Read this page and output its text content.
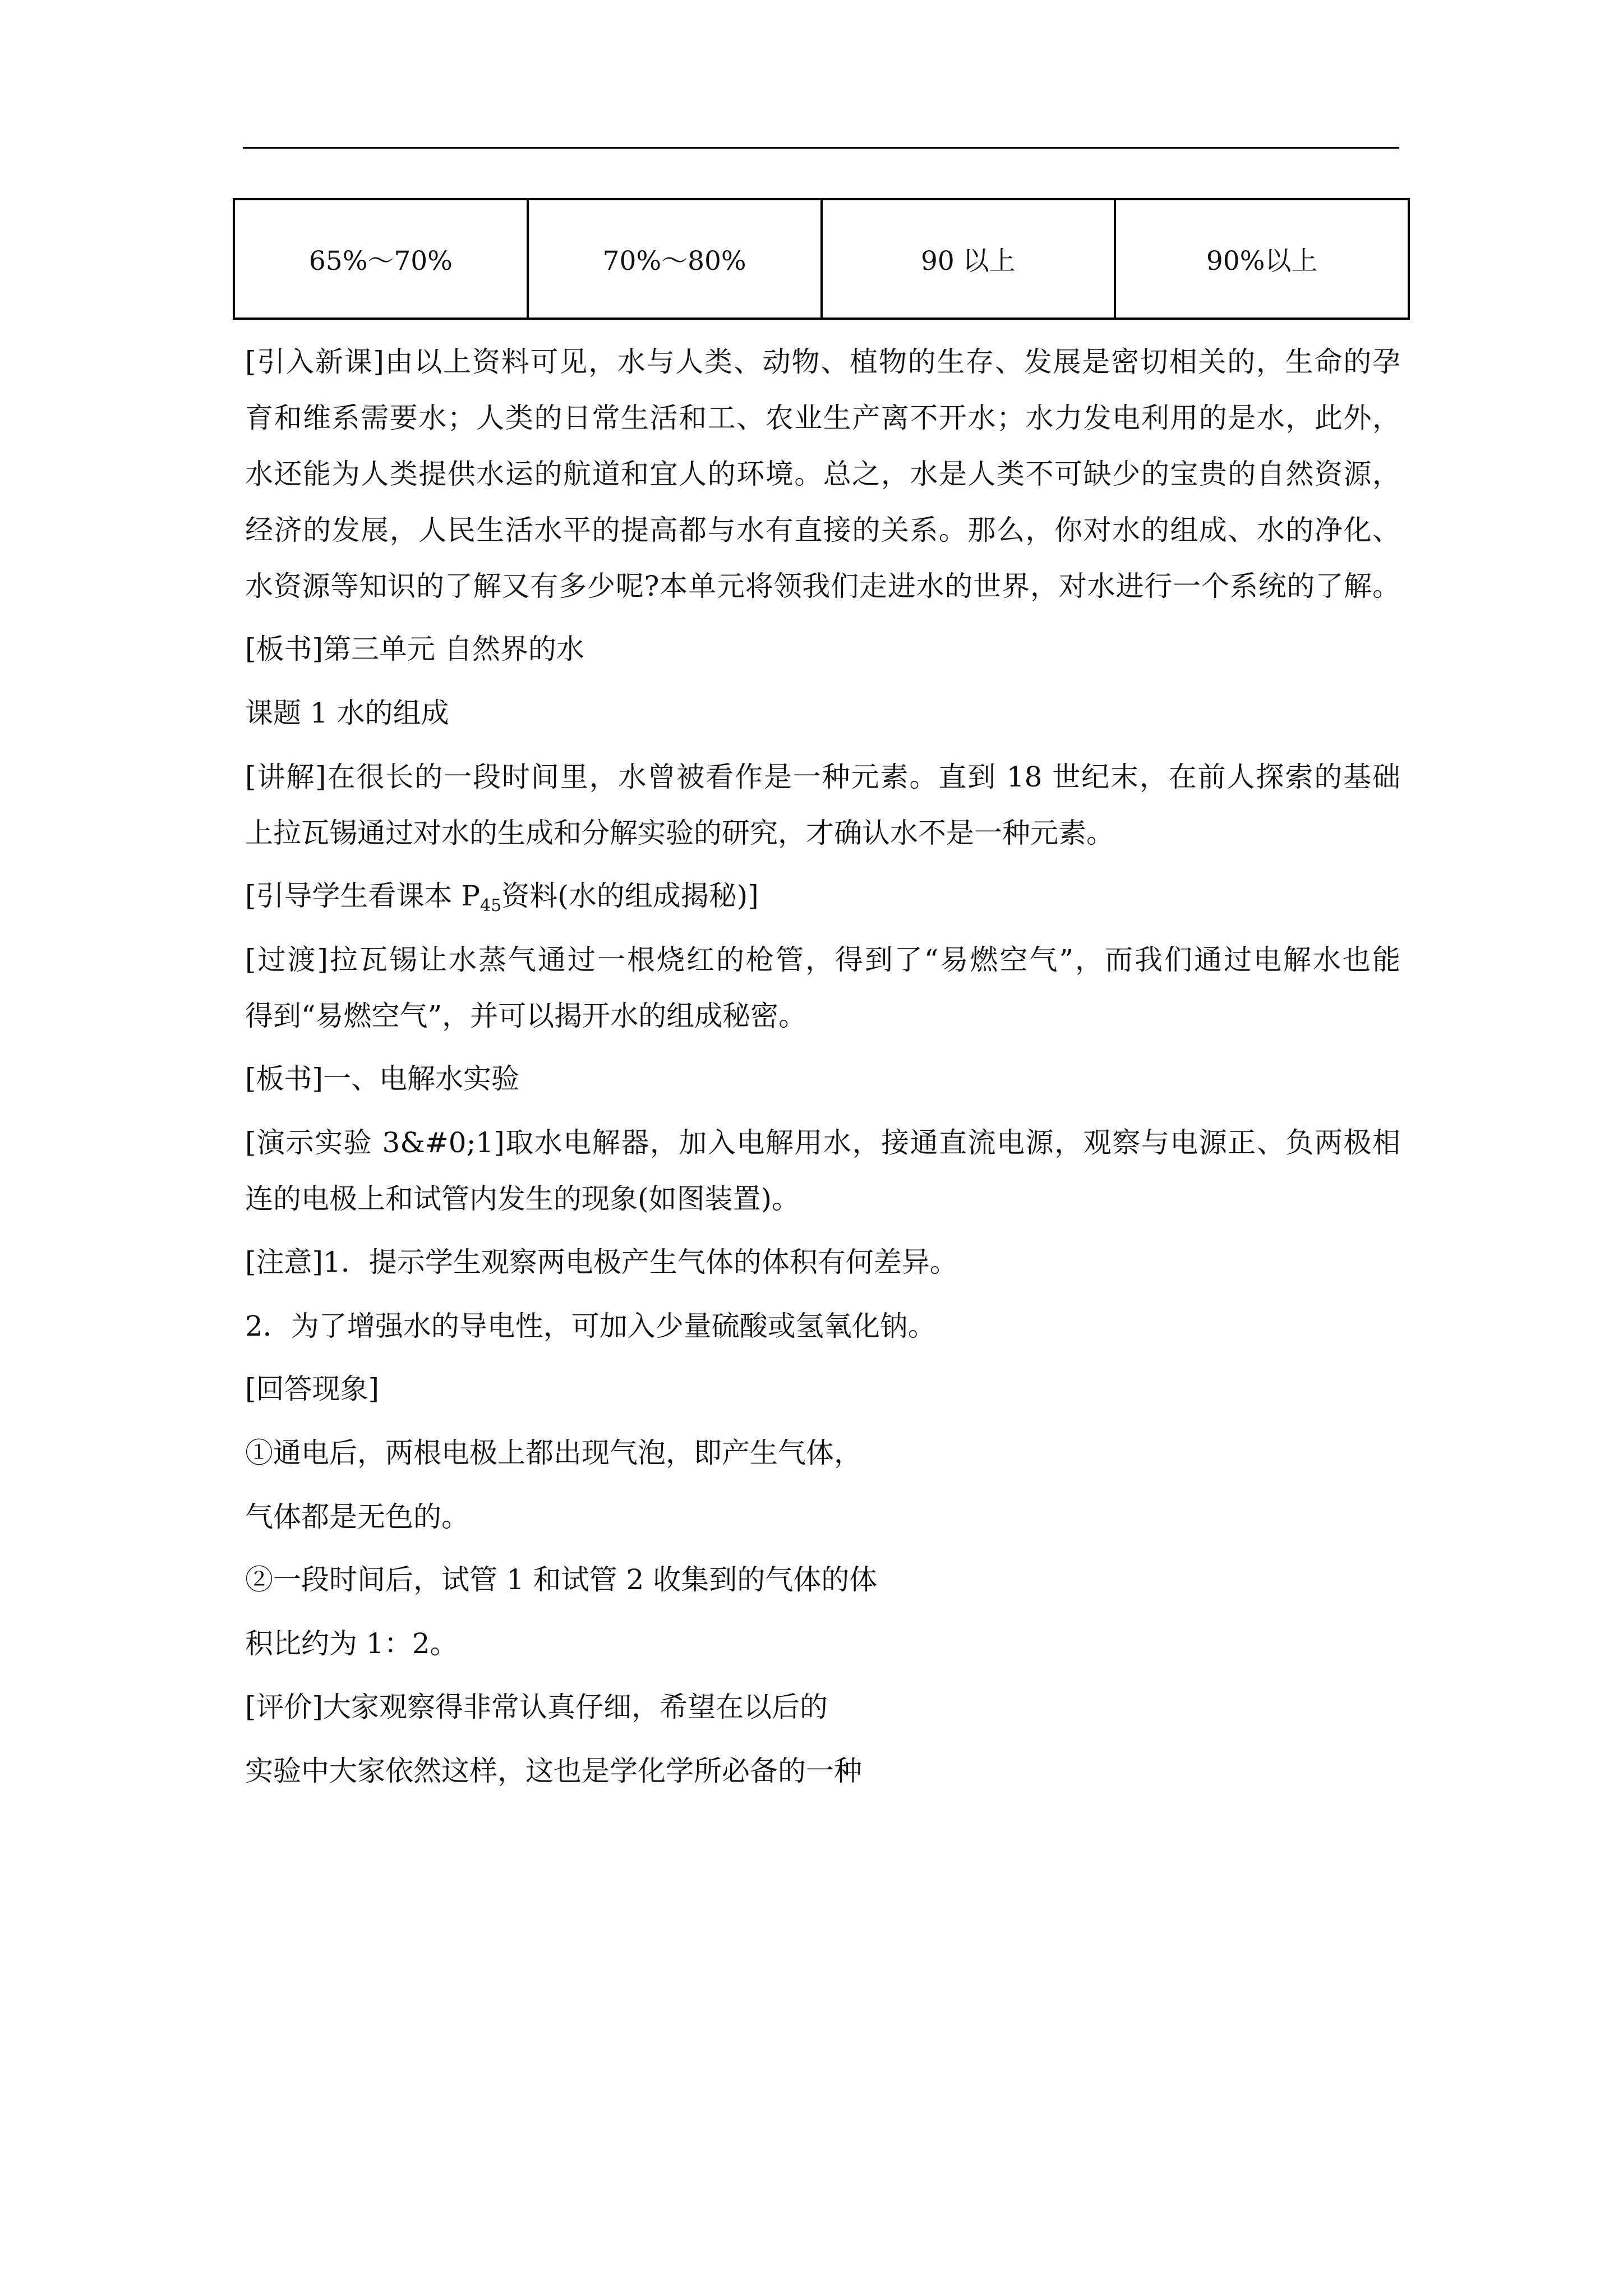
65%～70%	70%～80%	90 以上	90%以上
[引入新课]由以上资料可见，水与人类、动物、植物的生存、发展是密切相关的，生命的孕
育和维系需要水；人类的日常生活和工、农业生产离不开水；水力发电利用的是水，此外，
水还能为人类提供水运的航道和宜人的环境。总之，水是人类不可缺少的宝贵的自然资源，
经济的发展，人民生活水平的提高都与水有直接的关系。那么，你对水的组成、水的净化、
水资源等知识的了解又有多少呢?本单元将领我们走进水的世界，对水进行一个系统的了解。
[板书]第三单元 自然界的水
课题 1 水的组成
[讲解]在很长的一段时间里，水曾被看作是一种元素。直到 18 世纪末，在前人探索的基础
上拉瓦锡通过对水的生成和分解实验的研究，才确认水不是一种元素。
[引导学生看课本 $P_{45}$资料(水的组成揭秘)]
[过渡]拉瓦锡让水蒸气通过一根烧红的枪管，得到了“易燃空气”，而我们通过电解水也能
得到“易燃空气”，并可以揭开水的组成秘密。
[板书]一、电解水实验
[演示实验 3&#0;1]取水电解器，加入电解用水，接通直流电源，观察与电源正、负两极相
连的电极上和试管内发生的现象(如图装置)。
[注意]1．提示学生观察两电极产生气体的体积有何差异。
2．为了增强水的导电性，可加入少量硫酸或氢氧化钠。
[回答现象]
①通电后，两根电极上都出现气泡，即产生气体，
气体都是无色的。
②一段时间后，试管 1 和试管 2 收集到的气体的体
积比约为 1：2。
[评价]大家观察得非常认真仔细，希望在以后的
实验中大家依然这样，这也是学化学所必备的一种
